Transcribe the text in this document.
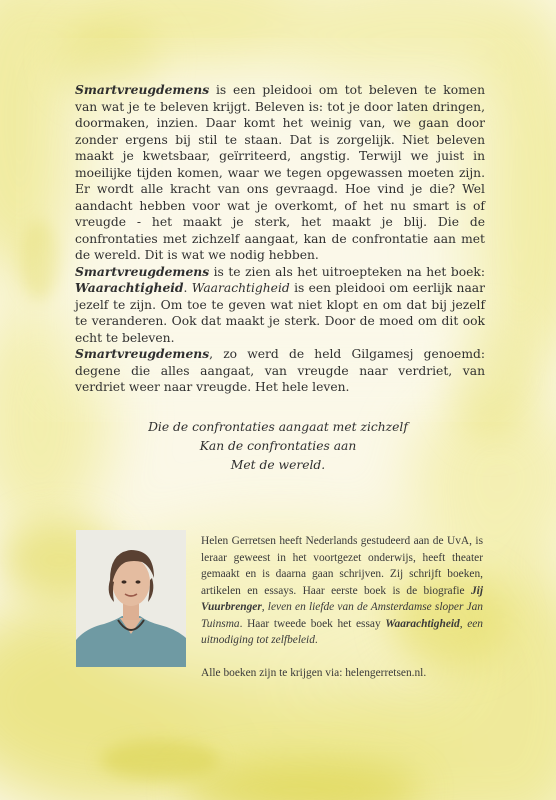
Smartvreugdemens is een pleidooi om tot beleven te komen van wat je te beleven krijgt. Beleven is: tot je door laten dringen, doormaken, inzien. Daar komt het weinig van, we gaan door zonder ergens bij stil te staan. Dat is zorgelijk. Niet beleven maakt je kwetsbaar, geïrriteerd, angstig. Terwijl we juist in moeilijke tijden komen, waar we tegen opgewassen moeten zijn. Er wordt alle kracht van ons gevraagd. Hoe vind je die? Wel aandacht hebben voor wat je overkomt, of het nu smart is of vreugde - het maakt je sterk, het maakt je blij. Die de confrontaties met zichzelf aangaat, kan de confrontatie aan met de wereld. Dit is wat we nodig hebben.

Smartvreugdemens is te zien als het uitroepteken na het boek: Waarachtigheid. Waarachtigheid is een pleidooi om eerlijk naar jezelf te zijn. Om toe te geven wat niet klopt en om dat bij jezelf te veranderen. Ook dat maakt je sterk. Door de moed om dit ook echt te beleven.

Smartvreugdemens, zo werd de held Gilgamesj genoemd: degene die alles aangaat, van vreugde naar verdriet, van verdriet weer naar vreugde. Het hele leven.

Die de confrontaties aangaat met zichzelf
Kan de confrontaties aan
Met de wereld.
Helen Gerretsen heeft Nederlands gestudeerd aan de UvA, is leraar geweest in het voortgezet onderwijs, heeft theater gemaakt en is daarna gaan schrijven. Zij schrijft boeken, artikelen en essays. Haar eerste boek is de biografie Jij Vuurbrenger, leven en liefde van de Amsterdamse sloper Jan Tuinsma. Haar tweede boek het essay Waarachtigheid, een uitnodiging tot zelfbeleid.
Alle boeken zijn te krijgen via: helengerretsen.nl.
